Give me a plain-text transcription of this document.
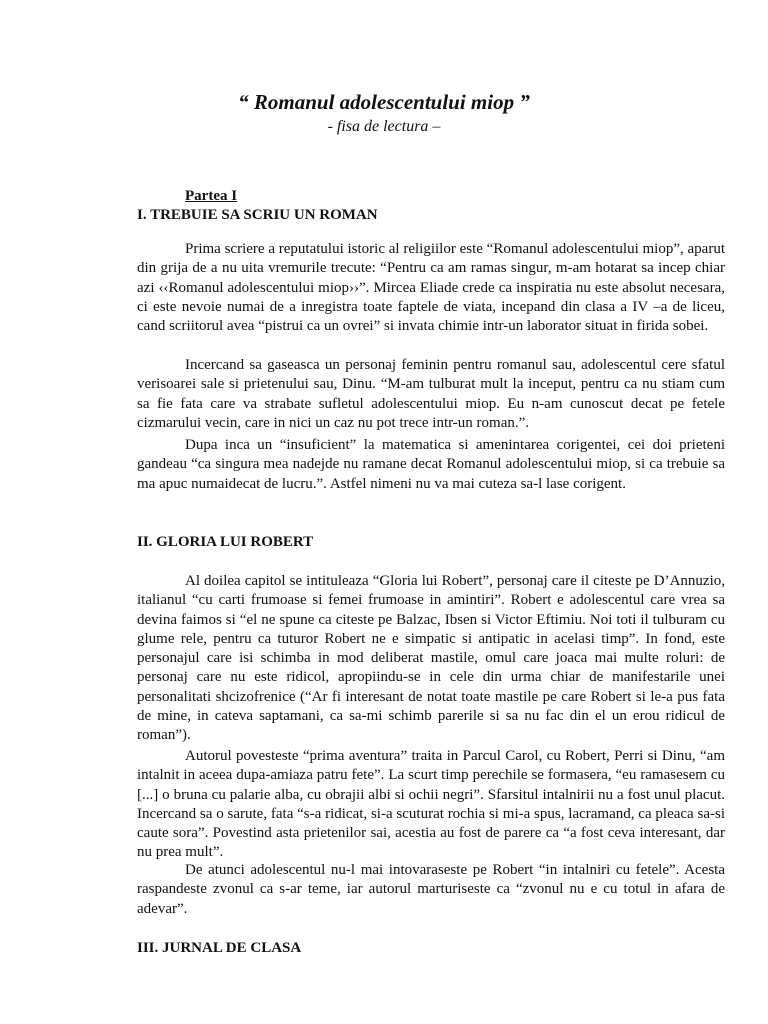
“ Romanul adolescentului miop ”
- fisa de lectura –
Partea I
I. TREBUIE SA SCRIU UN ROMAN

Prima scriere a reputatului istoric al religiilor este “Romanul adolescentului miop”, aparut din grija de a nu uita vremurile trecute: “Pentru ca am ramas singur, m-am hotarat sa incep chiar azi ‹‹Romanul adolescentului miop››”. Mircea Eliade crede ca inspiratia nu este absolut necesara, ci este nevoie numai de a inregistra toate faptele de viata, incepand din clasa a IV –a de liceu, cand scriitorul avea “pistrui ca un ovrei” si invata chimie intr-un laborator situat in firida sobei.

Incercand sa gaseasca un personaj feminin pentru romanul sau, adolescentul cere sfatul verisoarei sale si prietenului sau, Dinu. “M-am tulburat mult la inceput, pentru ca nu stiam cum sa fie fata care va strabate sufletul adolescentului miop. Eu n-am cunoscut decat pe fetele cizmarului vecin, care in nici un caz nu pot trece intr-un roman.”.

Dupa inca un “insuficient” la matematica si amenintarea corigentei, cei doi prieteni gandeau “ca singura mea nadejde nu ramane decat Romanul adolescentului miop, si ca trebuie sa ma apuc numaidecat de lucru.”. Astfel nimeni nu va mai cuteza sa-l lase corigent.

II. GLORIA LUI ROBERT

Al doilea capitol se intituleaza “Gloria lui Robert”, personaj care il citeste pe D’Annuzio, italianul “cu carti frumoase si femei frumoase in amintiri”. Robert e adolescentul care vrea sa devina faimos si “el ne spune ca citeste pe Balzac, Ibsen si Victor Eftimiu. Noi toti il tulburam cu glume rele, pentru ca tuturor Robert ne e simpatic si antipatic in acelasi timp”. In fond, este personajul care isi schimba in mod deliberat mastile, omul care joaca mai multe roluri: de personaj care nu este ridicol, apropiindu-se in cele din urma chiar de manifestarile unei personalitati shcizofrenice (“Ar fi interesant de notat toate mastile pe care Robert si le-a pus fata de mine, in cateva saptamani, ca sa-mi schimb parerile si sa nu fac din el un erou ridicul de roman”).

Autorul povesteste “prima aventura” traita in Parcul Carol, cu Robert, Perri si Dinu, “am intalnit in aceea dupa-amiaza patru fete”. La scurt timp perechile se formasera, “eu ramasesem cu [...] o bruna cu palarie alba, cu obrajii albi si ochii negri”. Sfarsitul intalnirii nu a fost unul placut. Incercand sa o sarute, fata “s-a ridicat, si-a scuturat rochia si mi-a spus, lacramand, ca pleaca sa-si caute sora”. Povestind asta prietenilor sai, acestia au fost de parere ca “a fost ceva interesant, dar nu prea mult”.

De atunci adolescentul nu-l mai intovaraseste pe Robert “in intalniri cu fetele”. Acesta raspandeste zvonul ca s-ar teme, iar autorul marturiseste ca “zvonul nu e cu totul in afara de adevar”.

III. JURNAL DE CLASA
